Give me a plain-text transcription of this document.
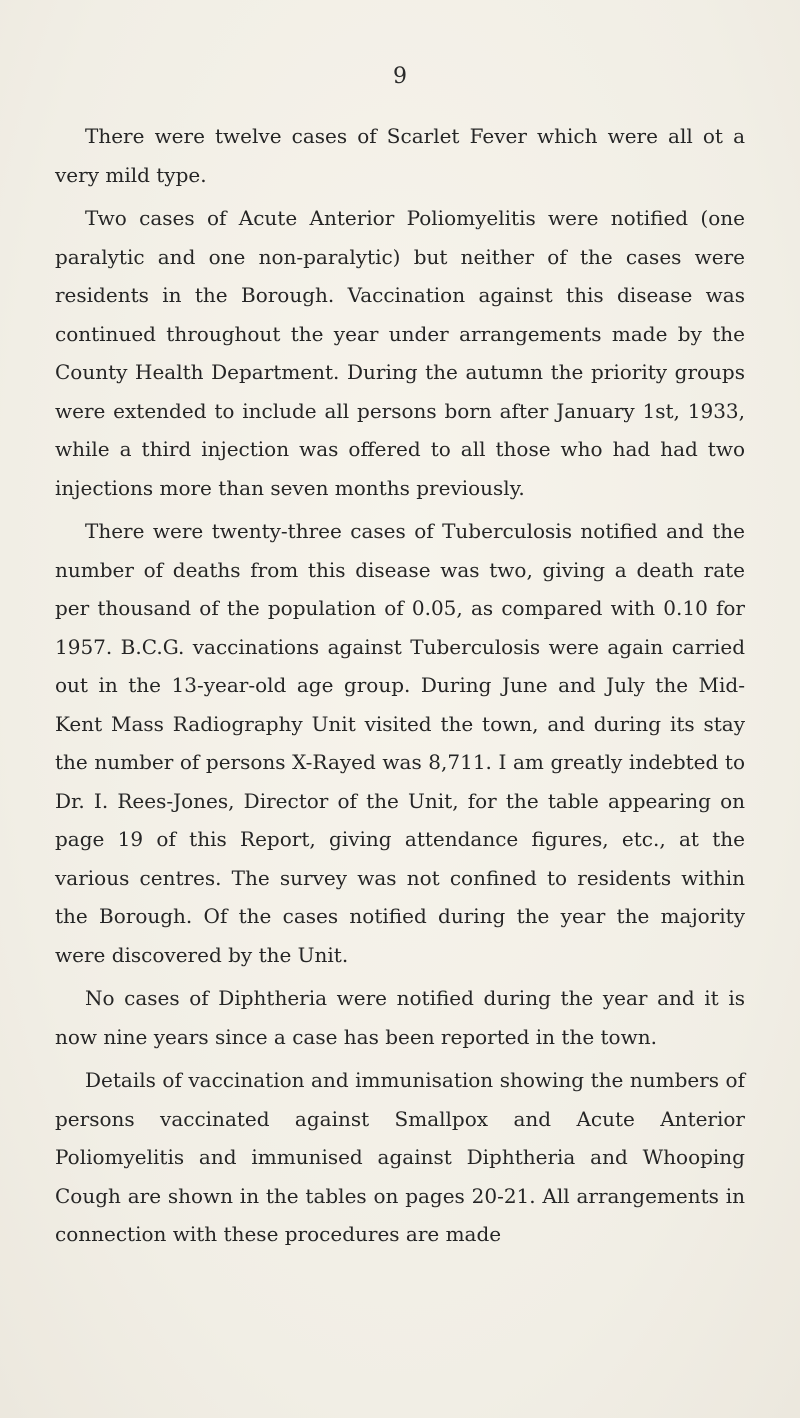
9

There were twelve cases of Scarlet Fever which were all ot a very mild type.

Two cases of Acute Anterior Poliomyelitis were notified (one paralytic and one non-paralytic) but neither of the cases were residents in the Borough. Vaccination against this disease was continued throughout the year under arrangements made by the County Health Department. During the autumn the priority groups were extended to include all persons born after January 1st, 1933, while a third injection was offered to all those who had had two injections more than seven months previously.

There were twenty-three cases of Tuberculosis notified and the number of deaths from this disease was two, giving a death rate per thousand of the population of 0.05, as compared with 0.10 for 1957. B.C.G. vaccinations against Tuberculosis were again carried out in the 13-year-old age group. During June and July the Mid-Kent Mass Radiography Unit visited the town, and during its stay the number of persons X-Rayed was 8,711. I am greatly indebted to Dr. I. Rees-Jones, Director of the Unit, for the table appearing on page 19 of this Report, giving attendance figures, etc., at the various centres. The survey was not confined to residents within the Borough. Of the cases notified during the year the majority were discovered by the Unit.

No cases of Diphtheria were notified during the year and it is now nine years since a case has been reported in the town.

Details of vaccination and immunisation showing the numbers of persons vaccinated against Smallpox and Acute Anterior Poliomyelitis and immunised against Diphtheria and Whooping Cough are shown in the tables on pages 20-21. All arrangements in connection with these procedures are made
